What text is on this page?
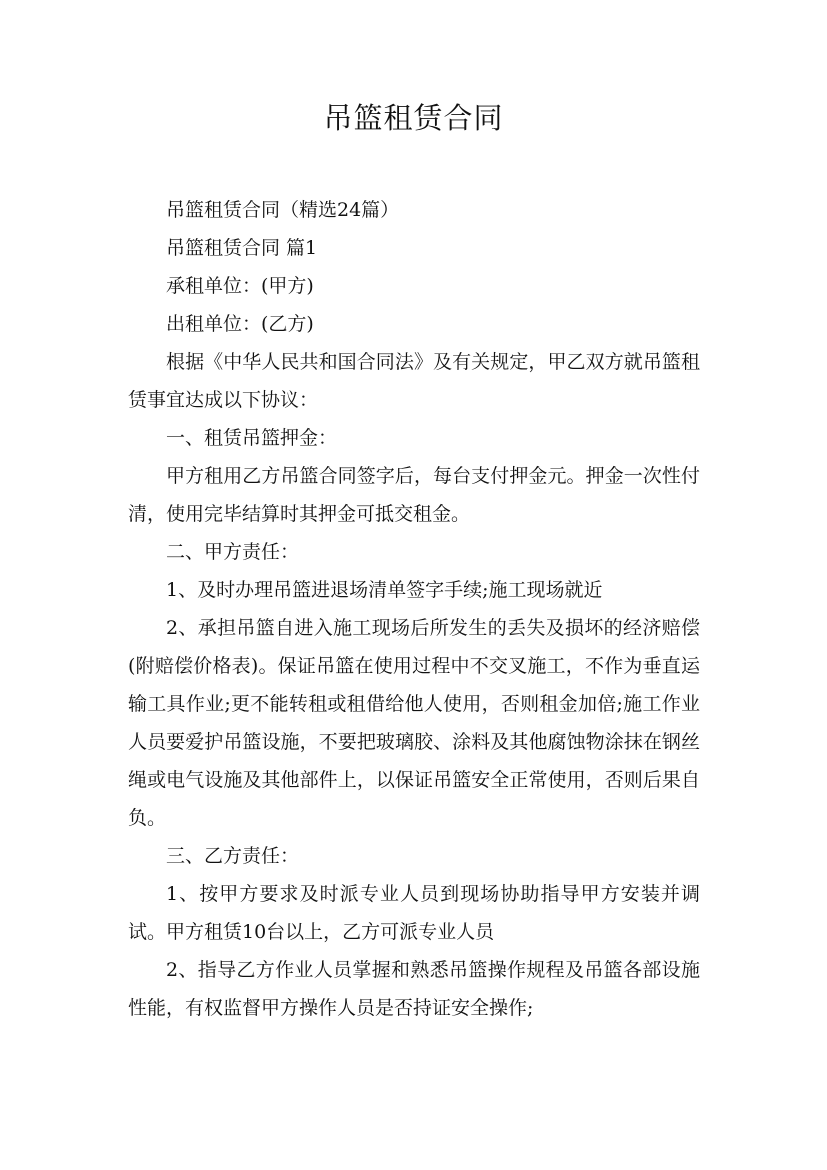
吊篮租赁合同

吊篮租赁合同（精选24篇）

吊篮租赁合同 篇1

承租单位：(甲方)

出租单位：(乙方)

根据《中华人民共和国合同法》及有关规定，甲乙双方就吊篮租赁事宜达成以下协议：

一、租赁吊篮押金：

甲方租用乙方吊篮合同签字后，每台支付押金元。押金一次性付清，使用完毕结算时其押金可抵交租金。

二、甲方责任：

1、及时办理吊篮进退场清单签字手续;施工现场就近

2、承担吊篮自进入施工现场后所发生的丢失及损坏的经济赔偿(附赔偿价格表)。保证吊篮在使用过程中不交叉施工，不作为垂直运输工具作业;更不能转租或租借给他人使用，否则租金加倍;施工作业人员要爱护吊篮设施，不要把玻璃胶、涂料及其他腐蚀物涂抹在钢丝绳或电气设施及其他部件上，以保证吊篮安全正常使用，否则后果自负。

三、乙方责任：

1、按甲方要求及时派专业人员到现场协助指导甲方安装并调试。甲方租赁10台以上，乙方可派专业人员

2、指导乙方作业人员掌握和熟悉吊篮操作规程及吊篮各部设施性能，有权监督甲方操作人员是否持证安全操作;
